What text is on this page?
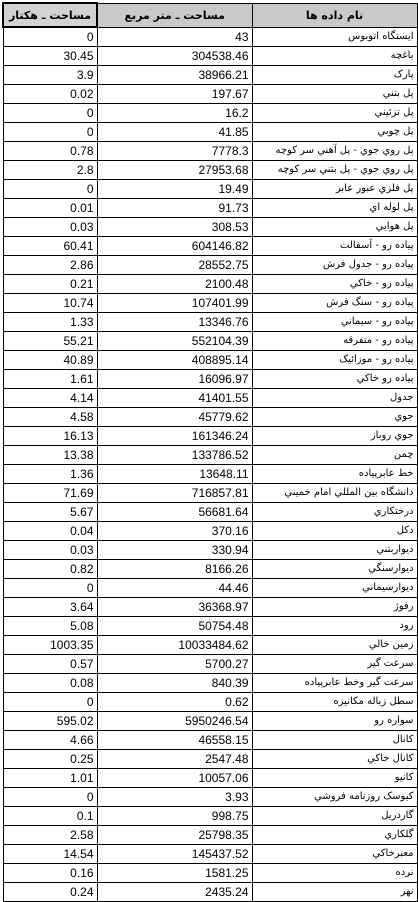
مساحت ـ هكتار	مساحت ـ متر مربع	نام داده ها
0	43	ايستگاه اتوبوس
30.45	304538.46	باغچه
3.9	38966.21	پارک
0.02	197.67	پل بتني
0	16.2	پل تزئيني
0	41.85	پل چوبي
0.78	7778.3	پل روي جوي - پل آهني سر كوچه
2.8	27953.68	پل روي جوي - پل بتني سر كوچه
0	19.49	پل فلزي عبور عابر
0.01	91.73	پل لوله اي
0.03	308.53	پل هوايي
60.41	604146.82	پياده رو - آسفالت
2.86	28552.75	پياده رو - جدول فرش
0.21	2100.48	پياده رو - خاكي
10.74	107401.99	پياده رو - سنگ فرش
1.33	13346.76	پياده رو - سيماني
55.21	552104.39	پياده رو - متفرقه
40.89	408895.14	پياده رو - موزائيک
1.61	16096.97	پياده رو خاكي
4.14	41401.55	جدول
4.58	45779.62	جوي
16.13	161346.24	جوي روباز
13.38	133786.52	چمن
1.36	13648.11	خط عابرپياده
71.69	716857.81	دانشگاه بين المللي امام خميني
5.67	56681.64	درختكاري
0.04	370.16	دكل
0.03	330.94	ديواربتني
0.82	8166.26	ديوارسنگي
0	44.46	ديوارسيماني
3.64	36368.97	رفوژ
5.08	50754.48	رود
1003.35	10033484.62	زمين خالي
0.57	5700.27	سرعت گير
0.08	840.39	سرعت گير وخط عابرپياده
0	0.62	سطل زباله مكانيزه
595.02	5950246.54	سواره رو
4.66	46558.15	كانال
0.25	2547.48	كانال خاكي
1.01	10057.06	كانيو
0	3.93	كيوسک روزنامه فروشي
0.1	998.75	گاردريل
2.58	25798.35	گلكاري
14.54	145437.52	معبرخاكي
0.16	1581.25	نرده
0.24	2435.24	نهر
